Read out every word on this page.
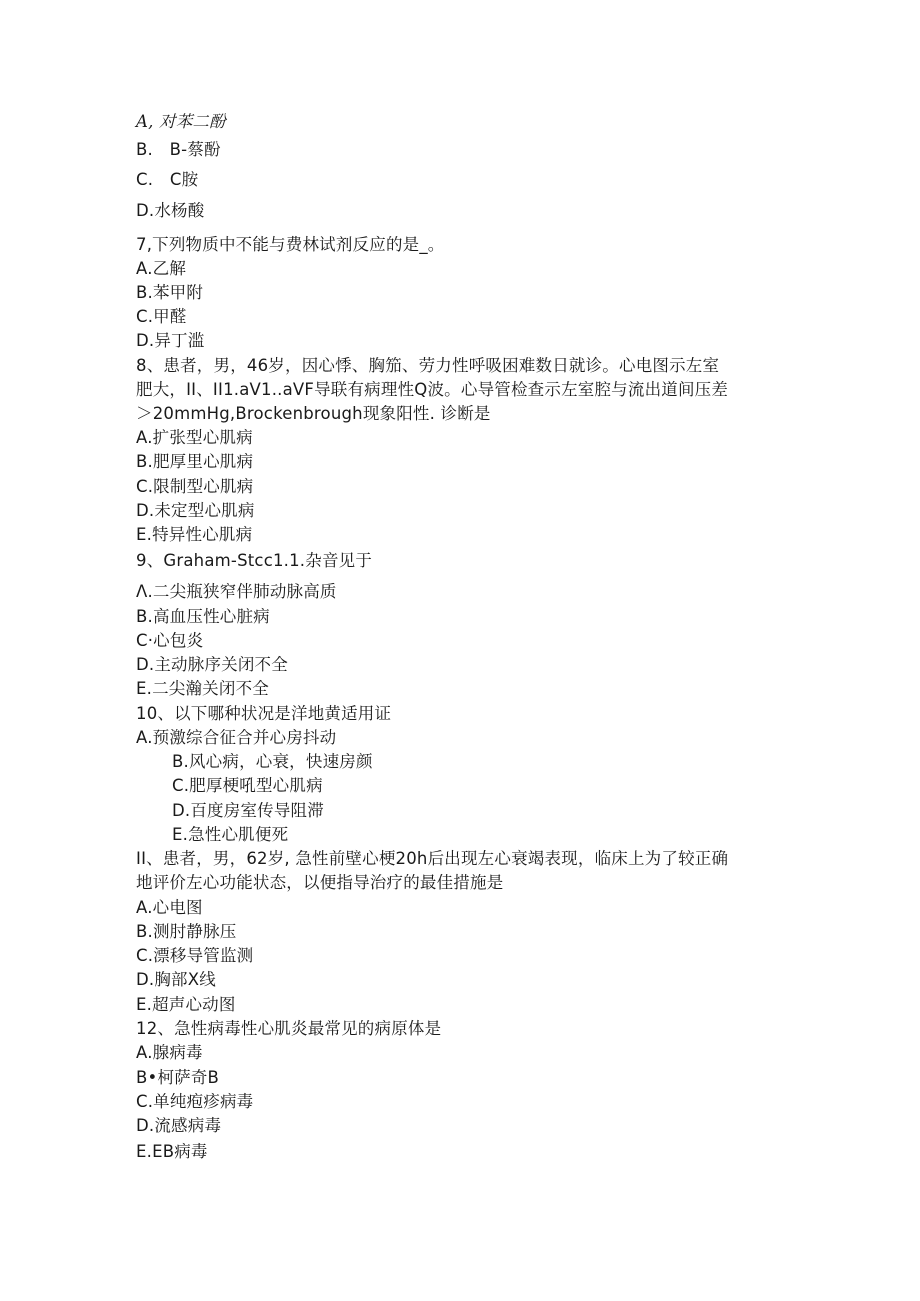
A, 对苯二酚
B.　B-蔡酚
C.　C胺
D.水杨酸
7,下列物质中不能与费林试剂反应的是_。
A.乙解
B.苯甲附
C.甲醛
D.异丁滥
8、患者，男，46岁，因心悸、胸笳、劳力性呼吸困难数日就诊。心电图示左室
肥大，II、II1.aV1..aVF导联有病理性Q波。心导管检查示左室腔与流出道间压差
＞20mmHg,Brockenbrough现象阳性. 诊断是
A.扩张型心肌病
B.肥厚里心肌病
C.限制型心肌病
D.未定型心肌病
E.特异性心肌病
9、Graham-Stcc1.1.杂音见于
Λ.二尖瓶狭窄伴肺动脉高质
B.高血压性心脏病
C·心包炎
D.主动脉序关闭不全
E.二尖瀚关闭不全
10、以下哪种状况是洋地黄适用证
A.预激综合征合并心房抖动
B.风心病，心衰，快速房颜
C.肥厚梗吼型心肌病
D.百度房室传导阻滞
E.急性心肌便死
II、患者，男，62岁, 急性前壁心梗20h后出现左心衰竭表现，临床上为了较正确
地评价左心功能状态，以便指导治疗的最佳措施是
A.心电图
B.测肘静脉压
C.漂移导管监测
D.胸部X线
E.超声心动图
12、急性病毒性心肌炎最常见的病原体是
A.腺病毒
B•柯萨奇B
C.单纯疱疹病毒
D.流感病毒
E.EB病毒
